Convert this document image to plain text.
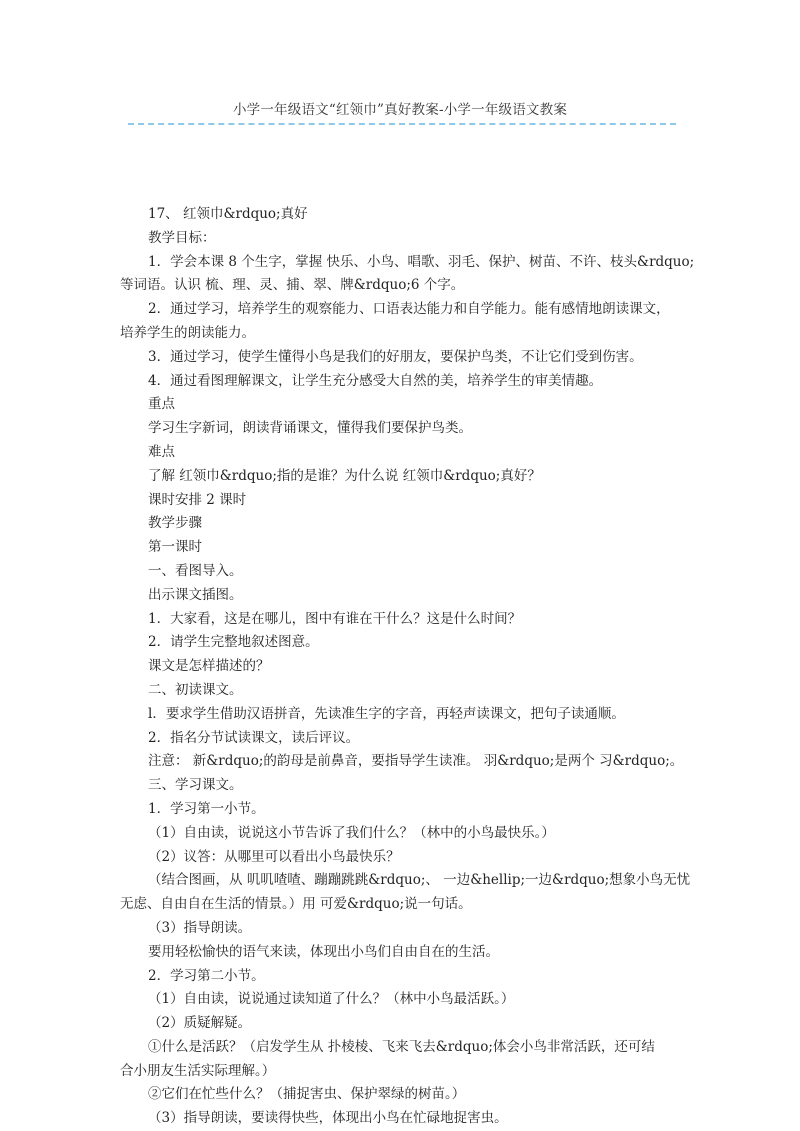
小学一年级语文“红领巾”真好教案-小学一年级语文教案
17、 红领巾&rdquo;真好
教学目标：
1．学会本课 8 个生字，掌握 快乐、小鸟、唱歌、羽毛、保护、树苗、不许、枝头&rdquo;
等词语。认识 梳、理、灵、捕、翠、牌&rdquo;6 个字。
2．通过学习，培养学生的观察能力、口语表达能力和自学能力。能有感情地朗读课文，
培养学生的朗读能力。
3．通过学习，使学生懂得小鸟是我们的好朋友，要保护鸟类，不让它们受到伤害。
4．通过看图理解课文，让学生充分感受大自然的美，培养学生的审美情趣。
重点
学习生字新词，朗读背诵课文，懂得我们要保护鸟类。
难点
了解 红领巾&rdquo;指的是谁？为什么说 红领巾&rdquo;真好？
课时安排 2 课时
教学步骤
第一课时
一、看图导入。
出示课文插图。
1．大家看，这是在哪儿，图中有谁在干什么？这是什么时间？
2．请学生完整地叙述图意。
课文是怎样描述的？
二、初读课文。
l．要求学生借助汉语拼音，先读准生字的字音，再轻声读课文，把句子读通顺。
2．指名分节试读课文，读后评议。
注意： 新&rdquo;的韵母是前鼻音，要指导学生读准。 羽&rdquo;是两个 习&rdquo;。
三、学习课文。
1．学习第一小节。
（1）自由读，说说这小节告诉了我们什么？（林中的小鸟最快乐。）
（2）议答：从哪里可以看出小鸟最快乐？
（结合图画，从 叽叽喳喳、蹦蹦跳跳&rdquo;、 一边&hellip;一边&rdquo;想象小鸟无忧
无虑、自由自在生活的情景。）用 可爱&rdquo;说一句话。
（3）指导朗读。
要用轻松愉快的语气来读，体现出小鸟们自由自在的生活。
2．学习第二小节。
（1）自由读，说说通过读知道了什么？（林中小鸟最活跃。）
（2）质疑解疑。
①什么是活跃？（启发学生从 扑棱棱、飞来飞去&rdquo;体会小鸟非常活跃，还可结
合小朋友生活实际理解。）
②它们在忙些什么？（捕捉害虫、保护翠绿的树苗。）
（3）指导朗读，要读得快些，体现出小鸟在忙碌地捉害虫。
